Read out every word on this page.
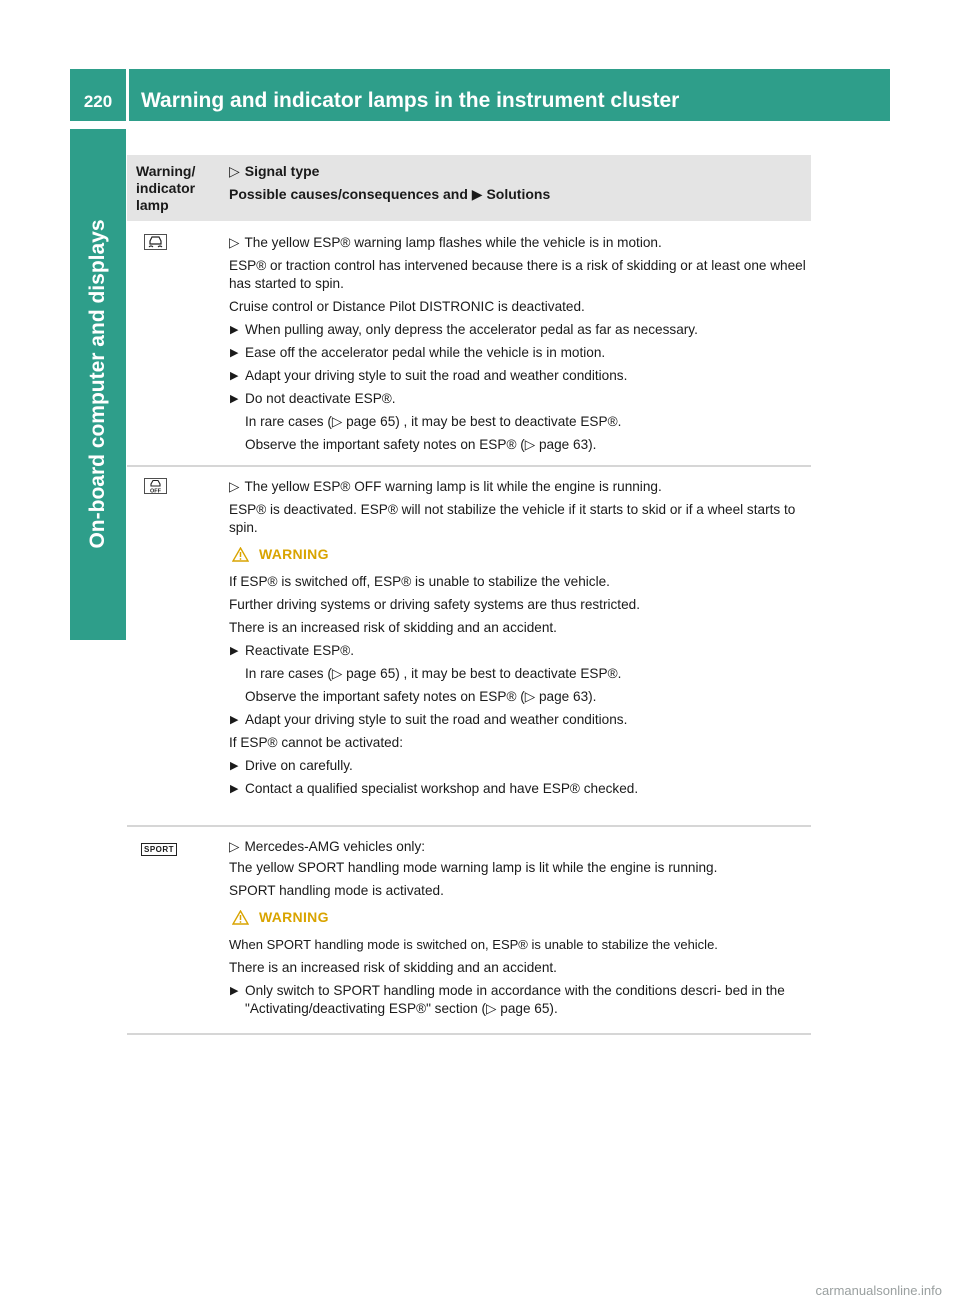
220	Warning and indicator lamps in the instrument cluster
On-board computer and displays
Warning/ indicator lamp
▷ Signal type
Possible causes/consequences and ▶ Solutions

▷ The yellow ESP® warning lamp flashes while the vehicle is in motion.

ESP® or traction control has intervened because there is a risk of skidding or at least one wheel has started to spin.

Cruise control or Distance Pilot DISTRONIC is deactivated.

▶ When pulling away, only depress the accelerator pedal as far as necessary.

▶ Ease off the accelerator pedal while the vehicle is in motion.

▶ Adapt your driving style to suit the road and weather conditions.

▶ Do not deactivate ESP®.

In rare cases (▷ page 65) , it may be best to deactivate ESP®.

Observe the important safety notes on ESP® (▷ page 63).

OFF	▷ The yellow ESP® OFF warning lamp is lit while the engine is running.

ESP® is deactivated. ESP® will not stabilize the vehicle if it starts to skid or if a wheel starts to spin.

WARNING

If ESP® is switched off, ESP® is unable to stabilize the vehicle.

Further driving systems or driving safety systems are thus restricted.

There is an increased risk of skidding and an accident.

▶ Reactivate ESP®.

In rare cases (▷ page 65) , it may be best to deactivate ESP®.

Observe the important safety notes on ESP® (▷ page 63).

▶ Adapt your driving style to suit the road and weather conditions.

If ESP® cannot be activated:

▶ Drive on carefully.

▶ Contact a qualified specialist workshop and have ESP® checked.

SPORT	▷ Mercedes-AMG vehicles only:

The yellow SPORT handling mode warning lamp is lit while the engine is running.

SPORT handling mode is activated.

WARNING

When SPORT handling mode is switched on, ESP® is unable to stabilize the vehicle.

There is an increased risk of skidding and an accident.

▶ Only switch to SPORT handling mode in accordance with the conditions descri- bed in the "Activating/deactivating ESP®" section (▷ page 65).

carmanualsonline.info
